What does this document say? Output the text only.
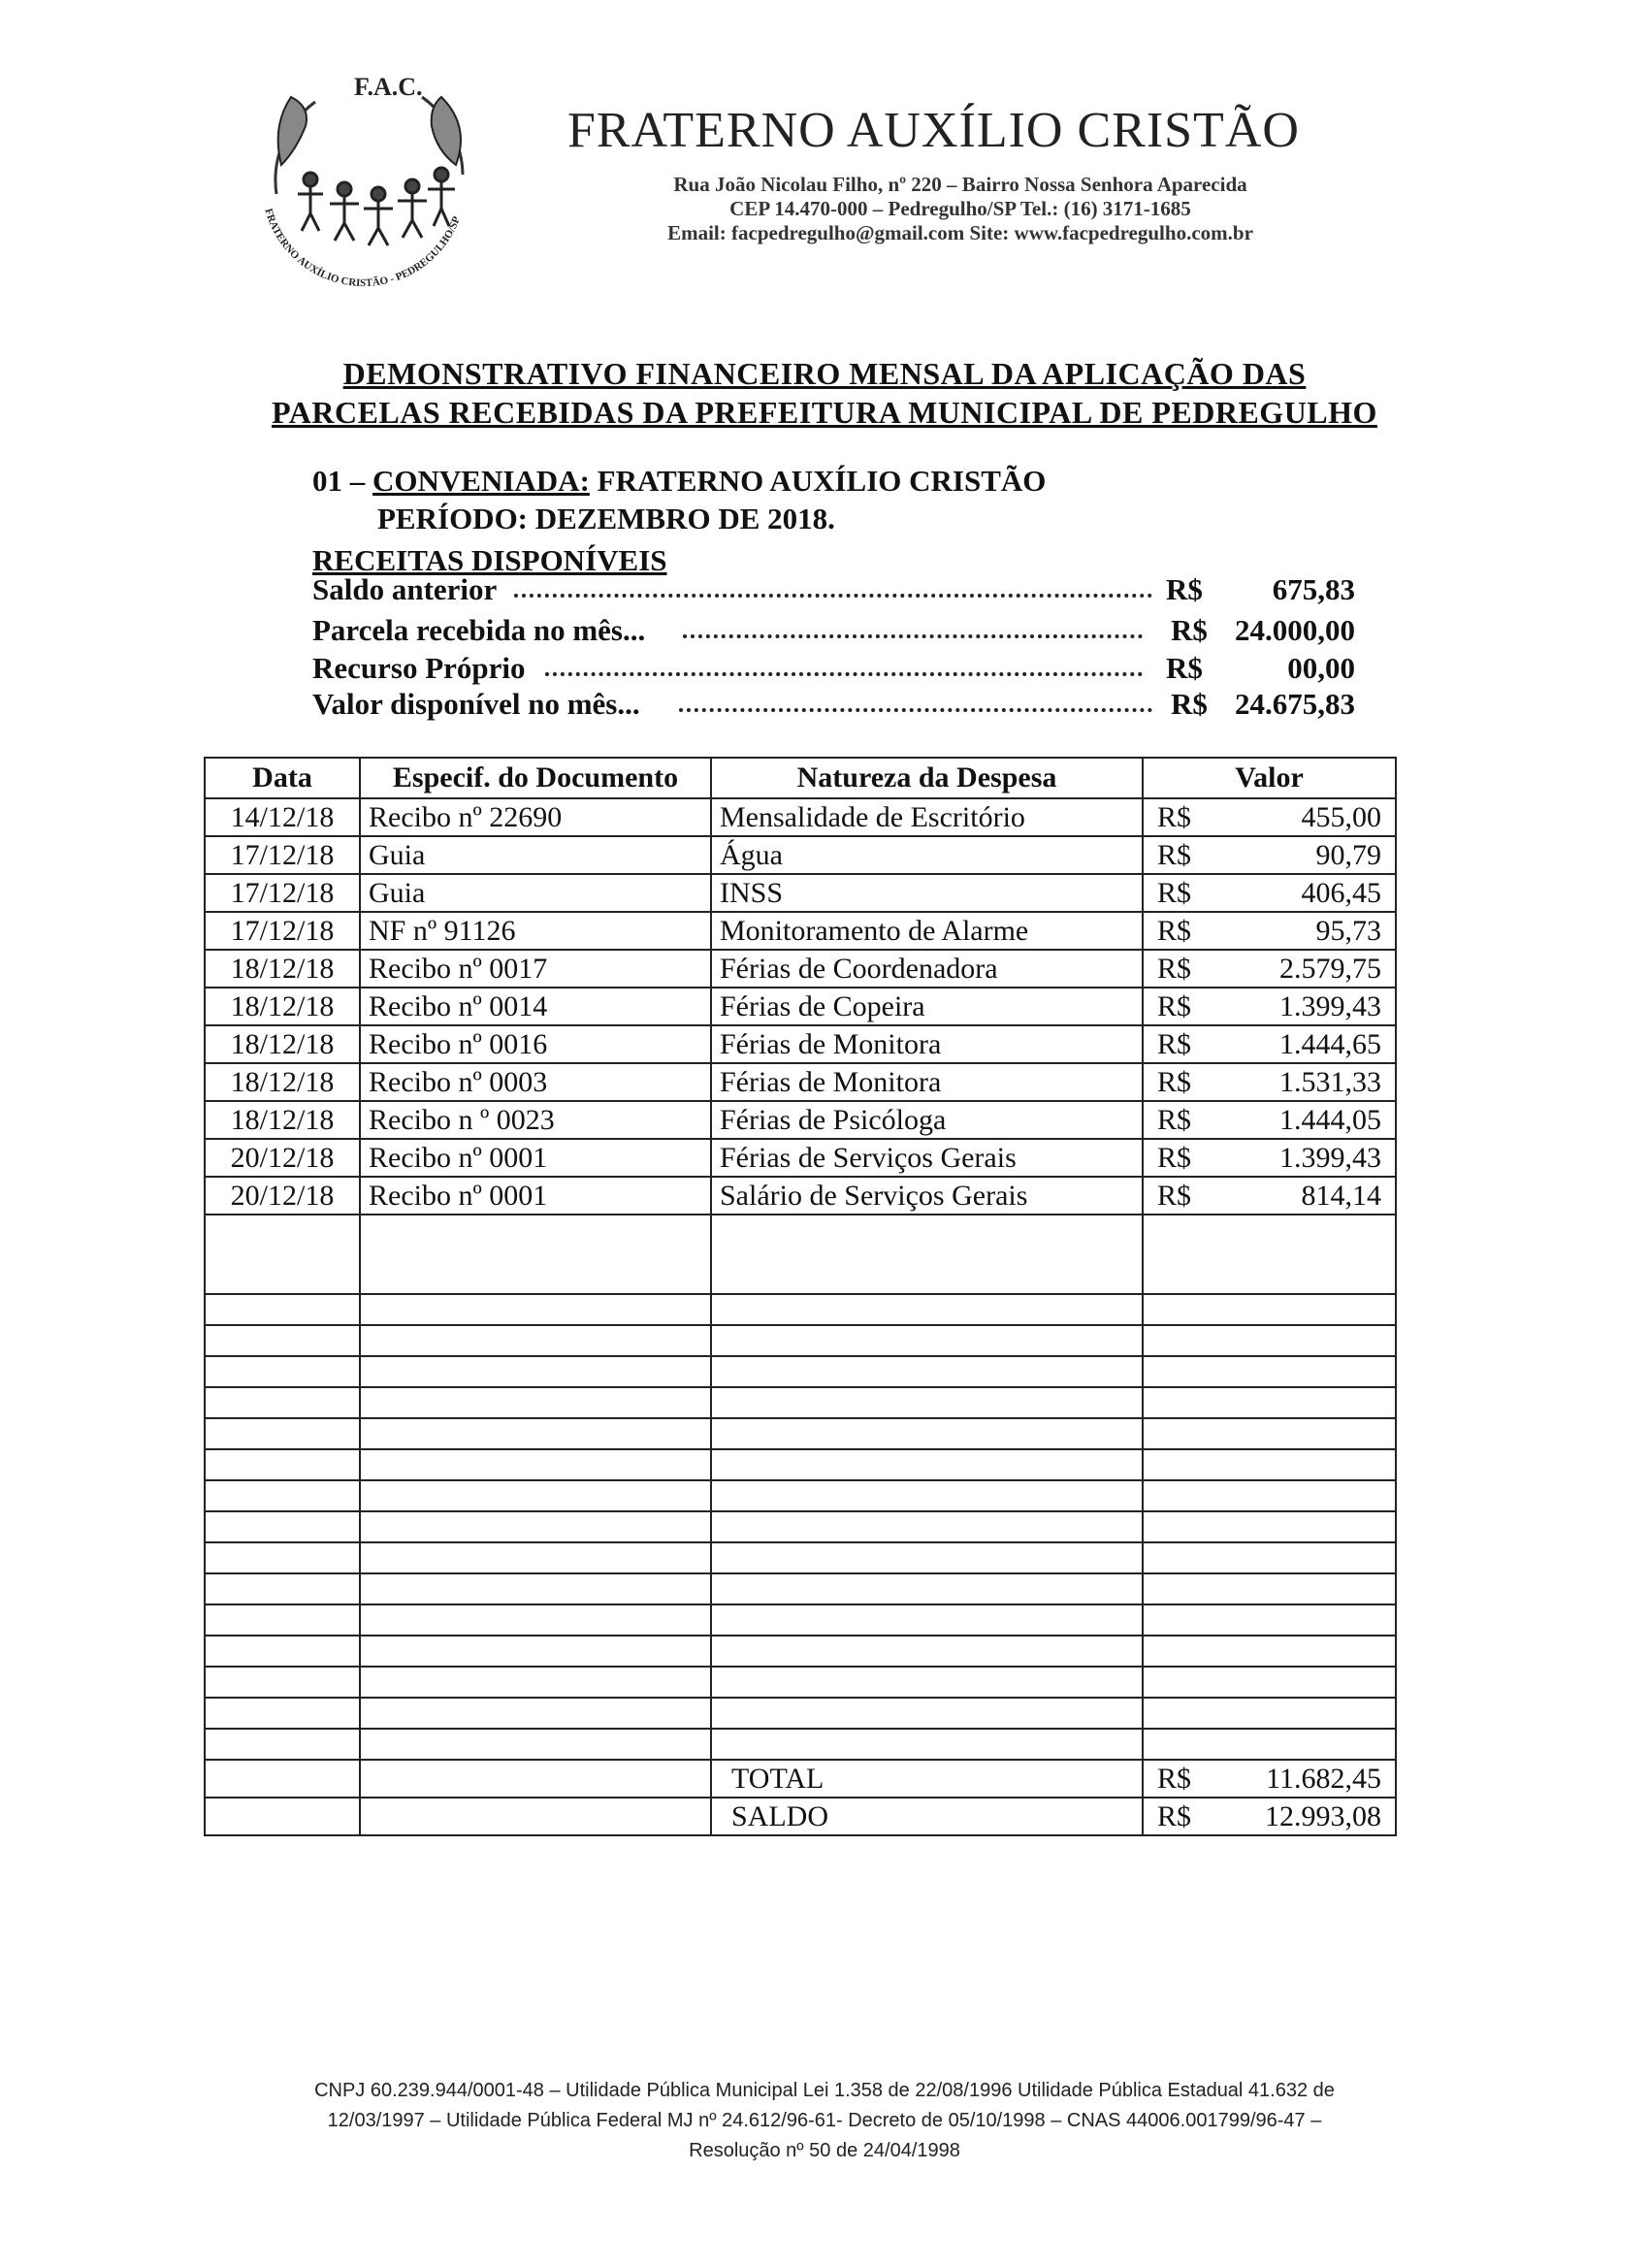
F.A.C.
FRATERNO AUXÍLIO CRISTÃO - PEDREGULHO/SP
FRATERNO AUXÍLIO CRISTÃO
Rua João Nicolau Filho, nº 220 – Bairro Nossa Senhora Aparecida
CEP 14.470-000 – Pedregulho/SP Tel.: (16) 3171-1685
Email: facpedregulho@gmail.com Site: www.facpedregulho.com.br
DEMONSTRATIVO FINANCEIRO MENSAL DA APLICAÇÃO DAS
PARCELAS RECEBIDAS DA PREFEITURA MUNICIPAL DE PEDREGULHO
01 – CONVENIADA: FRATERNO AUXÍLIO CRISTÃO
PERÍODO: DEZEMBRO DE 2018.
RECEITAS DISPONÍVEIS
Saldo anterior	R$ 675,83
Parcela recebida no mês...	R$ 24.000,00
Recurso Próprio	R$	00,00
Valor disponível no mês...	R$ 24.675,83
Data	Especif. do Documento	Natureza da Despesa	Valor
14/12/18	Recibo nº 22690	Mensalidade de Escritório	R$ 455,00

17/12/18	Guia	Água	R$ 90,79

17/12/18	Guia	INSS	R$ 406,45

17/12/18	NF nº 91126	Monitoramento de Alarme	R$ 95,73

18/12/18	Recibo nº 0017	Férias de Coordenadora	R$ 2.579,75

18/12/18	Recibo nº 0014	Férias de Copeira	R$ 1.399,43

18/12/18	Recibo nº 0016	Férias de Monitora	R$ 1.444,65

18/12/18	Recibo nº 0003	Férias de Monitora	R$ 1.531,33

18/12/18	Recibo n º 0023	Férias de Psicóloga	R$ 1.444,05

20/12/18	Recibo nº 0001	Férias de Serviços Gerais	R$ 1.399,43

20/12/18	Recibo nº 0001	Salário de Serviços Gerais	R$ 814,14

		TOTAL	R$ 11.682,45

		SALDO	R$ 12.993,08
CNPJ 60.239.944/0001-48 – Utilidade Pública Municipal Lei 1.358 de 22/08/1996 Utilidade Pública Estadual 41.632 de
12/03/1997 – Utilidade Pública Federal MJ nº 24.612/96-61- Decreto de 05/10/1998 – CNAS 44006.001799/96-47 –
Resolução nº 50 de 24/04/1998
